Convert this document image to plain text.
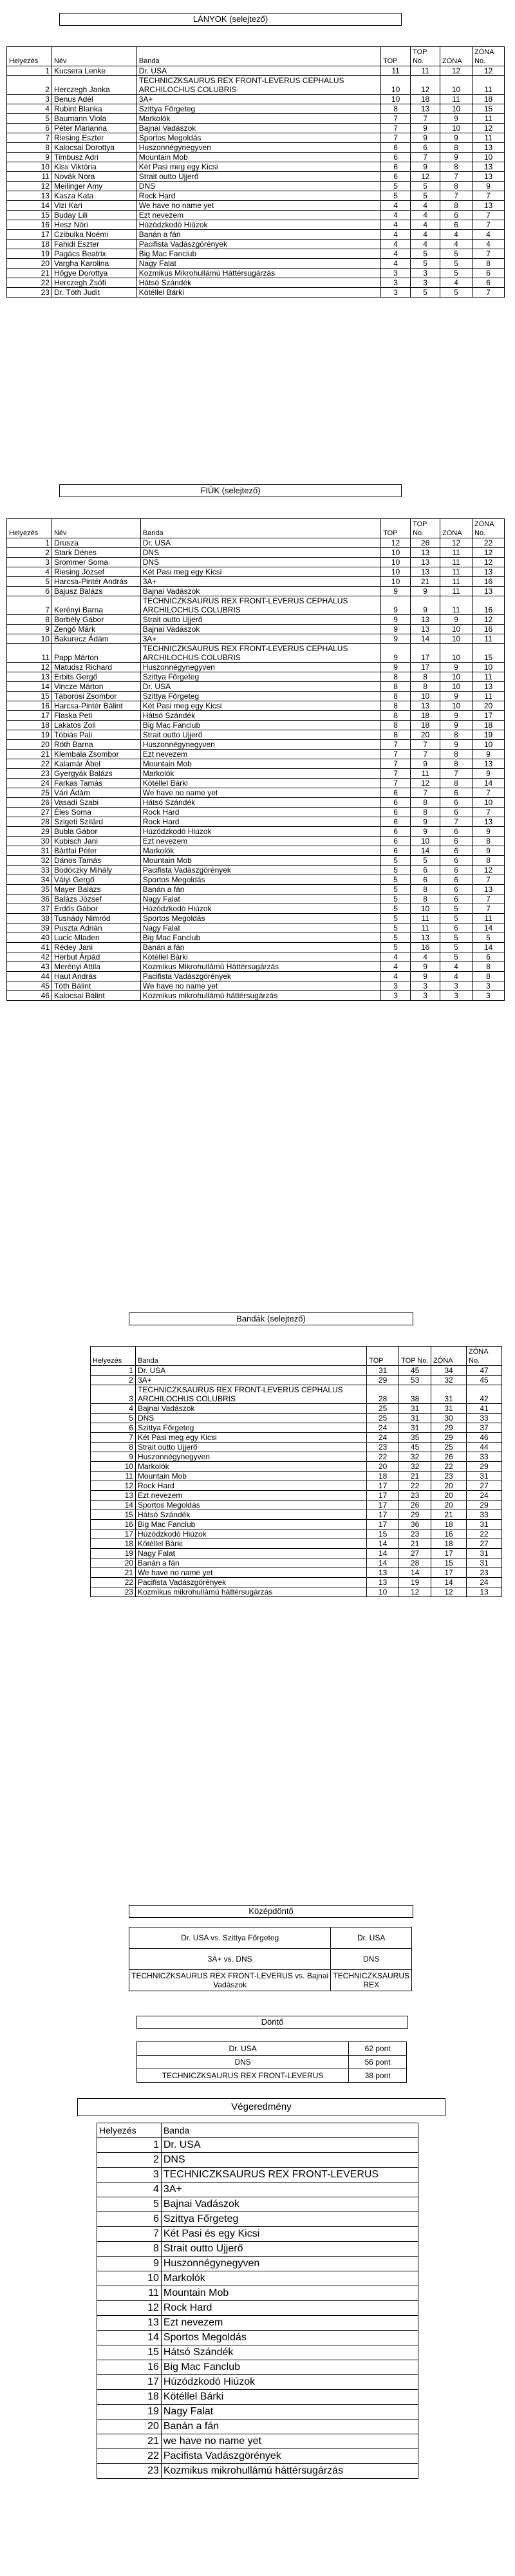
LÁNYOK (selejtező)
Helyezés	Név	Banda	TOP	TOP No.	ZÓNA	ZÓNA No.
1	Kucsera Lenke	Dr. USA	11	11	12	12
2	Herczegh Janka	TECHNICZKSAURUS REX FRONT-LEVERUS CEPHALUS ARCHILOCHUS COLUBRIS	10	12	10	11
3	Benus Adél	3A+	10	18	11	18
4	Rubint Blanka	Szittya Főrgeteg	8	13	10	15
5	Baumann Viola	Markolók	7	7	9	11
6	Péter Marianna	Bajnai Vadászok	7	9	10	12
7	Riesing Eszter	Sportos Megoldás	7	9	9	11
8	Kalocsai Dorottya	Huszonnégynegyven	6	6	8	13
9	Timbusz Adri	Mountain Mob	6	7	9	10
10	Kiss Viktória	Két Pasi meg egy Kicsi	6	9	8	13
11	Novák Nóra	Strait outto Ujjerő	6	12	7	13
12	Meilinger Amy	DNS	5	5	8	9
13	Kasza Kata	Rock Hard	5	5	7	7
14	Vizi Kari	We have no name yet	4	4	8	13
15	Buday Lili	Ezt nevezem	4	4	6	7
16	Hesz Nóri	Húzódzkodó Hiúzok	4	4	6	7
17	Czibulka Noémi	Banán a fán	4	4	4	4
18	Fahidi Eszter	Pacifista Vadászgörények	4	4	4	4
19	Pagács Beatrix	Big Mac Fanclub	4	5	5	7
20	Vargha Karolina	Nagy Falat	4	5	5	8
21	Hőgye Dorottya	Kozmikus Mikrohullámú Háttérsugárzás	3	3	5	6
22	Herczegh Zsófi	Hátsó Szándék	3	3	4	6
23	Dr. Tóth Judit	Kötéllel Bárki	3	5	5	7
FIÚK (selejtező)
Helyezés	Név	Banda	TOP	TOP No.	ZÓNA	ZÓNA No.
1	Druszа	Dr. USA	12	26	12	22
2	Stark Dénes	DNS	10	13	11	12
3	Srommer Soma	DNS	10	13	11	12
4	Riesing József	Két Pasi meg egy Kicsi	10	13	11	13
5	Harcsa-Pintér András	3A+	10	21	11	16
6	Bajusz Balázs	Bajnai Vadászok	9	9	11	13
7	Kerényi Barna	TECHNICZKSAURUS REX FRONT-LEVERUS CEPHALUS ARCHILOCHUS COLUBRIS	9	9	11	16
8	Borbély Gábor	Strait outto Ujjerő	9	13	9	12
9	Zengő Márk	Bajnai Vadászok	9	13	10	16
10	Bakurecz Ádám	3A+	9	14	10	11
11	Papp Márton	TECHNICZKSAURUS REX FRONT-LEVERUS CEPHALUS ARCHILOCHUS COLUBRIS	9	17	10	15
12	Matudsz Richard	Huszonnégynegyven	9	17	9	10
13	Erbits Gergő	Szittya Főrgeteg	8	8	10	11
14	Vincze Márton	Dr. USA	8	8	10	13
15	Táborosi Zsombor	Szittya Főrgeteg	8	10	9	11
16	Harcsa-Pintér Bálint	Két Pasi meg egy Kicsi	8	13	10	20
17	Flaska Peti	Hátsó Szándék	8	18	9	17
18	Lakatos Zoli	Big Mac Fanclub	8	18	9	18
19	Tóbiás Pali	Strait outto Ujjerő	8	20	8	19
20	Róth Barna	Huszonnégynegyven	7	7	9	10
21	Klembala Zsombor	Ezt nevezem	7	7	8	9
22	Kalamár Ábel	Mountain Mob	7	9	8	13
23	Gyergyák Balázs	Markolók	7	11	7	9
24	Farkas Tamás	Kötéllel Bárki	7	12	8	14
25	Vári Ádám	We have no name yet	6	7	6	7
26	Vasadi Szabi	Hátsó Szándék	6	8	6	10
27	Éles Soma	Rock Hard	6	8	6	7
28	Szigeti Szilárd	Rock Hard	6	9	7	13
29	Bubla Gábor	Húzódzkodó Hiúzok	6	9	6	9
30	Kubisch Jani	Ezt nevezem	6	10	6	8
31	Bártfai Péter	Markolók	6	14	6	9
32	Dános Tamás	Mountain Mob	5	5	6	8
33	Bodóczky Mihály	Pacifista Vadászgörények	5	6	6	12
34	Vályi Gergő	Sportos Megoldás	5	6	6	7
35	Mayer Balázs	Banán a fán	5	8	6	13
36	Balázs József	Nagy Falat	5	8	6	7
37	Erdős Gábor	Húzódzkodó Hiúzok	5	10	5	7
38	Tusnády Nimród	Sportos Megoldás	5	11	5	11
39	Pusztа Adrián	Nagy Falat	5	11	6	14
40	Lucic Mladen	Big Mac Fanclub	5	13	5	5
41	Rédey Jani	Banán a fán	5	16	5	14
42	Herbut Árpád	Kötéllel Bárki	4	4	5	6
43	Merényi Attila	Kozmikus Mikrohullámú Háttérsugárzás	4	9	4	8
44	Haut András	Pacifista Vadászgörények	4	9	4	8
45	Tóth Bálint	We have no name yet	3	3	3	3
46	Kalocsai Bálint	Kozmikus mikrohullámú háttérsugárzás	3	3	3	3
Bandák (selejtező)
Helyezés	Banda	TOP	TOP No.	ZÓNA	ZÓNA No.
1	Dr. USA	31	45	34	47
2	3A+	29	53	32	45
3	TECHNICZKSAURUS REX FRONT-LEVERUS CEPHALUS ARCHILOCHUS COLUBRIS	28	38	31	42
4	Bajnai Vadászok	25	31	31	41
5	DNS	25	31	30	33
6	Szittya Főrgeteg	24	31	29	37
7	Két Pasi meg egy Kicsi	24	35	29	46
8	Strait outto Ujjerő	23	45	25	44
9	Huszonnégynegyven	22	32	26	33
10	Markolók	20	32	22	29
11	Mountain Mob	18	21	23	31
12	Rock Hard	17	22	20	27
13	Ezt nevezem	17	23	20	24
14	Sportos Megoldás	17	26	20	29
15	Hátsó Szándék	17	29	21	33
16	Big Mac Fanclub	17	36	18	31
17	Húzódzkodó Hiúzok	15	23	16	22
18	Kötéllel Bárki	14	21	18	27
19	Nagy Falat	14	27	17	31
20	Banán a fán	14	28	15	31
21	We have no name yet	13	14	17	23
22	Pacifista Vadászgörények	13	19	14	24
23	Kozmikus mikrohullámú háttérsugárzás	10	12	12	13
Középdöntő
Dr. USA vs. Szittya Főrgeteg	Dr. USA
3A+ vs. DNS	DNS
TECHNICZKSAURUS REX FRONT-LEVERUS vs. Bajnai Vadászok	TECHNICZKSAURUS REX
Döntő
Dr. USA	62 pont
DNS	56 pont
TECHNICZKSAURUS REX FRONT-LEVERUS	38 pont
Végeredmény
Helyezés	Banda
1	Dr. USA
2	DNS
3	TECHNICZKSAURUS REX FRONT-LEVERUS
4	3A+
5	Bajnai Vadászok
6	Szittya Főrgeteg
7	Két Pasi és egy Kicsi
8	Strait outto Ujjerő
9	Huszonnégynegyven
10	Markolók
11	Mountain Mob
12	Rock Hard
13	Ezt nevezem
14	Sportos Megoldás
15	Hátsó Szándék
16	Big Mac Fanclub
17	Húzódzkodó Hiúzok
18	Kötéllel Bárki
19	Nagy Falat
20	Banán a fán
21	we have no name yet
22	Pacifista Vadászgörények
23	Kozmikus mikrohullámú háttérsugárzás
